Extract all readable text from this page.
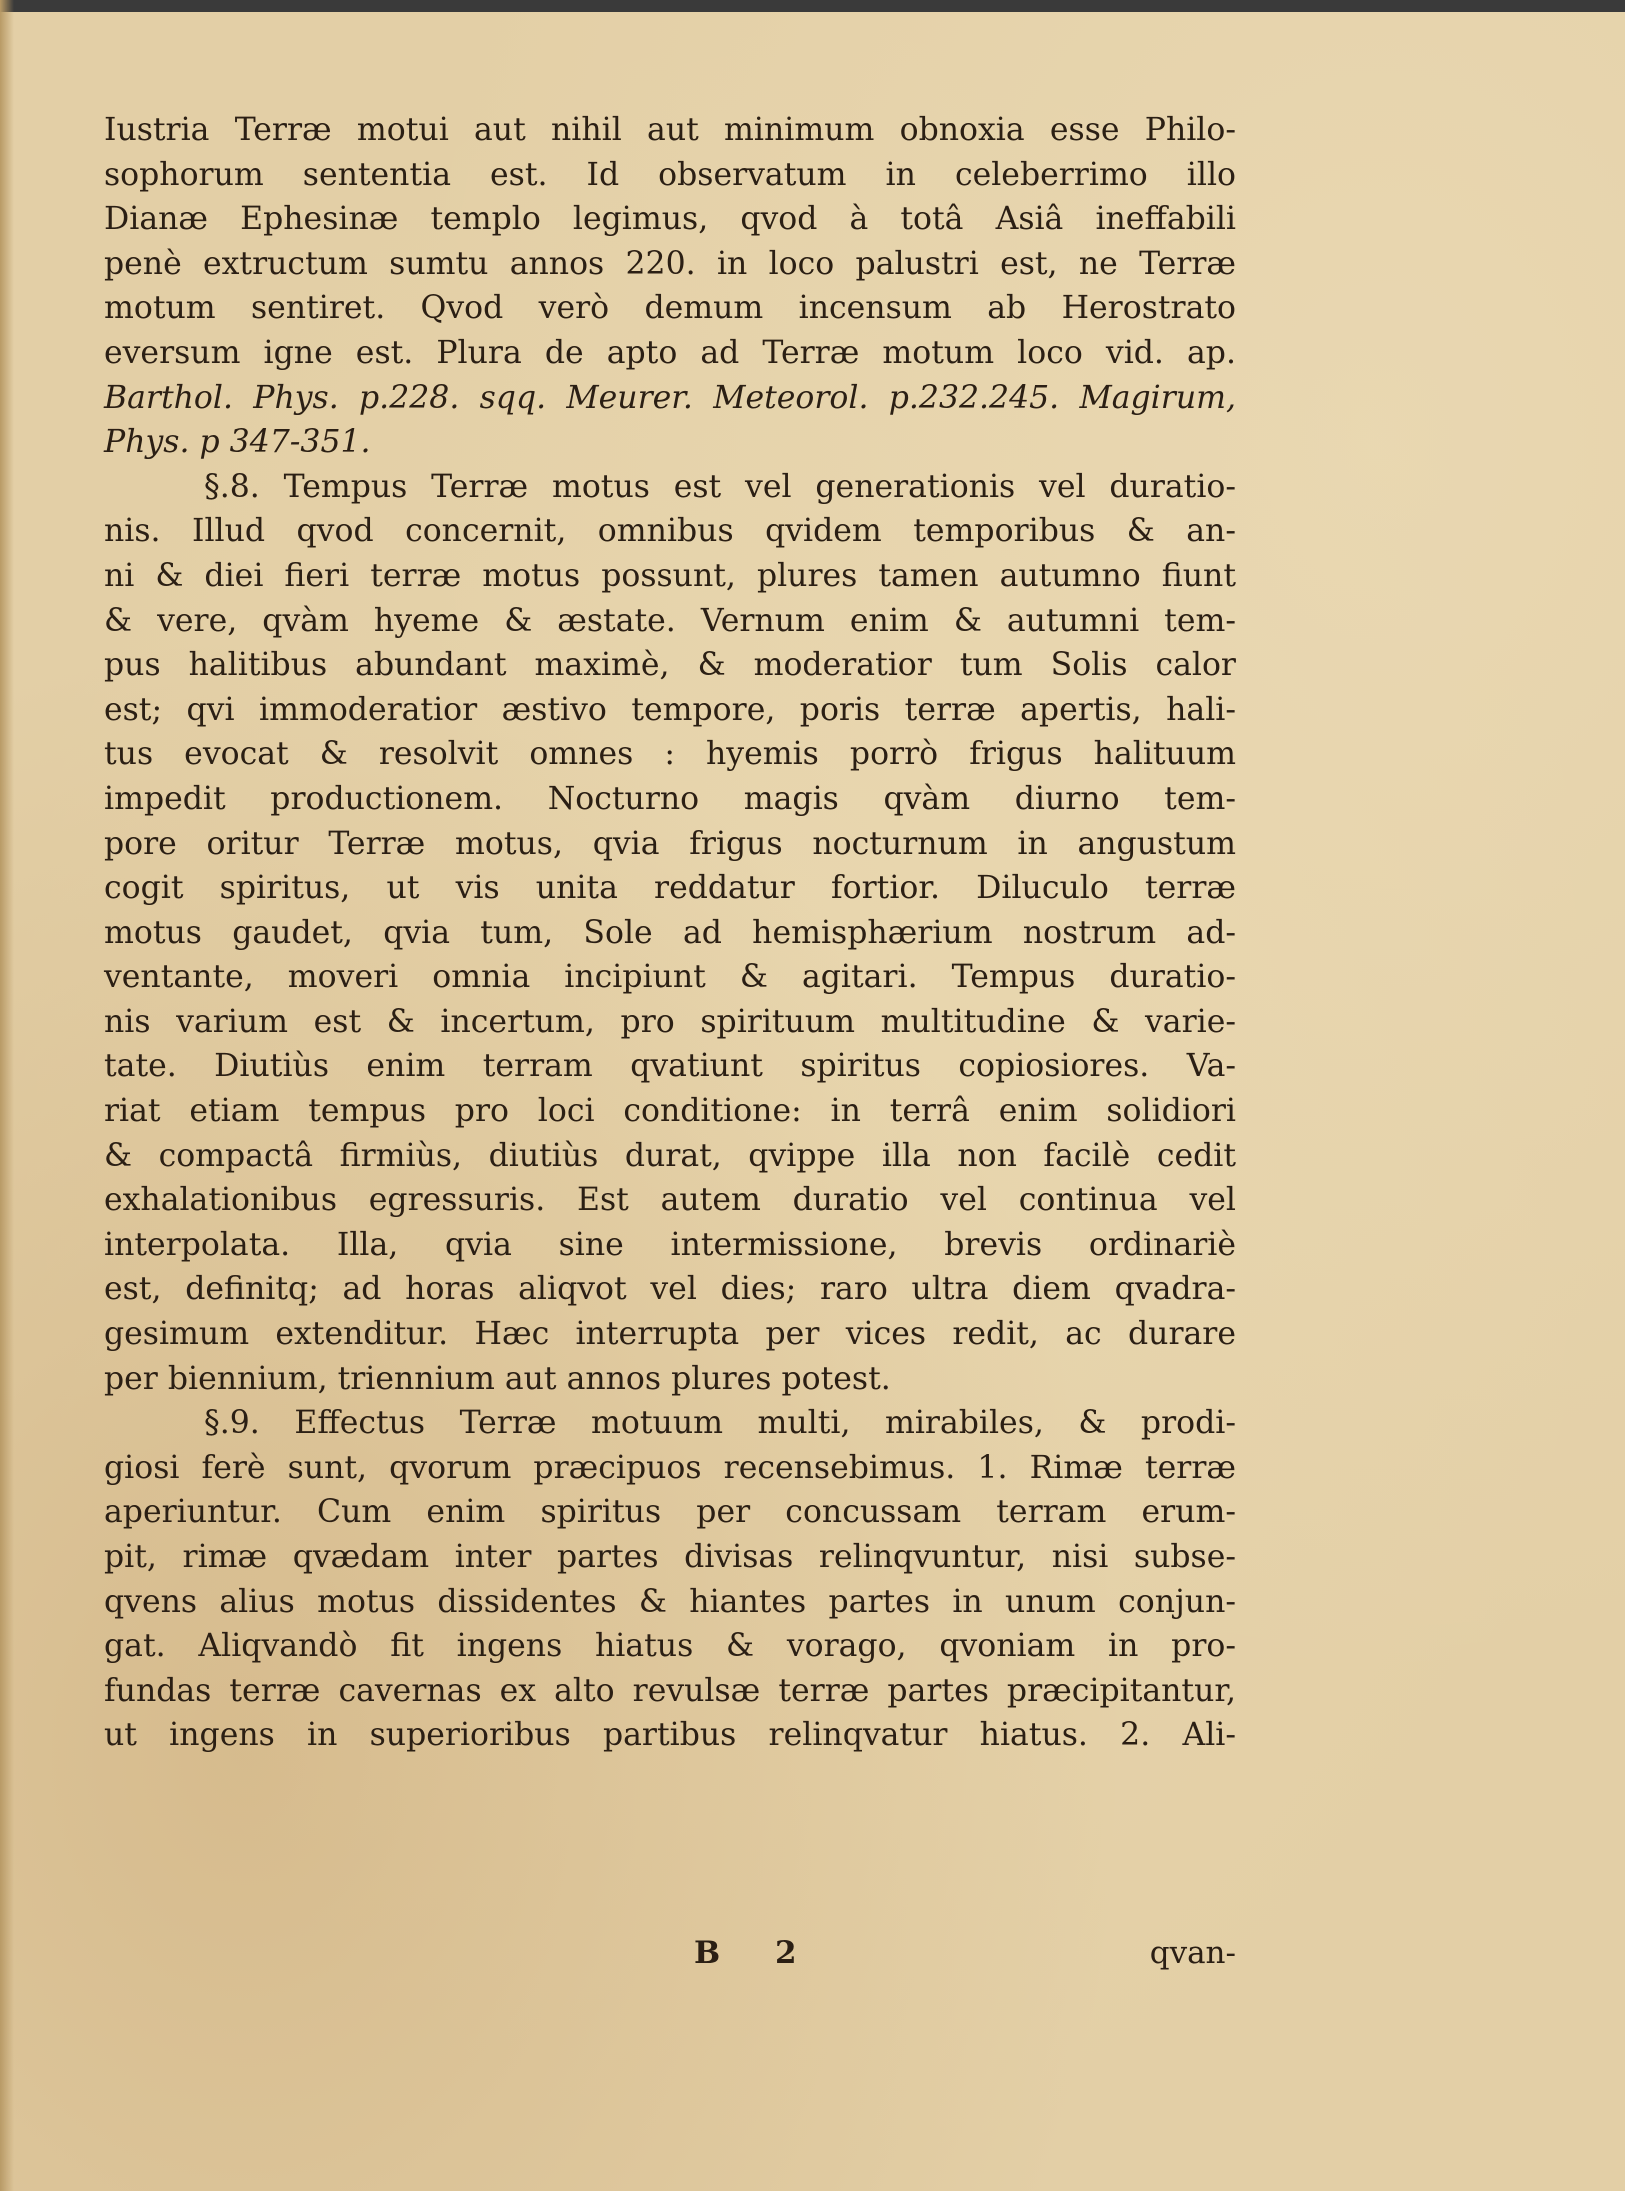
Iustria Terræ motui aut nihil aut minimum obnoxia esse Philo-
sophorum sententia est. Id observatum in celeberrimo illo
Dianæ Ephesinæ templo legimus, qvod à totâ Asiâ ineffabili
penè extructum sumtu annos 220. in loco palustri est, ne Terræ
motum sentiret. Qvod verò demum incensum ab Herostrato
eversum igne est. Plura de apto ad Terræ motum loco vid. ap.
Barthol. Phys. p.228. sqq. Meurer. Meteorol. p.232.245. Magirum,
Phys. p 347-351.
§.8. Tempus Terræ motus est vel generationis vel duratio-
nis. Illud qvod concernit, omnibus qvidem temporibus & an-
ni & diei fieri terræ motus possunt, plures tamen autumno fiunt
& vere, qvàm hyeme & æstate. Vernum enim & autumni tem-
pus halitibus abundant maximè, & moderatior tum Solis calor
est; qvi immoderatior æstivo tempore, poris terræ apertis, hali-
tus evocat & resolvit omnes : hyemis porrò frigus halituum
impedit productionem. Nocturno magis qvàm diurno tem-
pore oritur Terræ motus, qvia frigus nocturnum in angustum
cogit spiritus, ut vis unita reddatur fortior. Diluculo terræ
motus gaudet, qvia tum, Sole ad hemisphærium nostrum ad-
ventante, moveri omnia incipiunt & agitari. Tempus duratio-
nis varium est & incertum, pro spirituum multitudine & varie-
tate. Diutiùs enim terram qvatiunt spiritus copiosiores. Va-
riat etiam tempus pro loci conditione: in terrâ enim solidiori
& compactâ firmiùs, diutiùs durat, qvippe illa non facilè cedit
exhalationibus egressuris. Est autem duratio vel continua vel
interpolata. Illa, qvia sine intermissione, brevis ordinariè
est, definitq; ad horas aliqvot vel dies; raro ultra diem qvadra-
gesimum extenditur. Hæc interrupta per vices redit, ac durare
per biennium, triennium aut annos plures potest.
§.9. Effectus Terræ motuum multi, mirabiles, & prodi-
giosi ferè sunt, qvorum præcipuos recensebimus. 1. Rimæ terræ
aperiuntur. Cum enim spiritus per concussam terram erum-
pit, rimæ qvædam inter partes divisas relinqvuntur, nisi subse-
qvens alius motus dissidentes & hiantes partes in unum conjun-
gat. Aliqvandò fit ingens hiatus & vorago, qvoniam in pro-
fundas terræ cavernas ex alto revulsæ terræ partes præcipitantur,
ut ingens in superioribus partibus relinqvatur hiatus. 2. Ali-
B 2	qvan-
